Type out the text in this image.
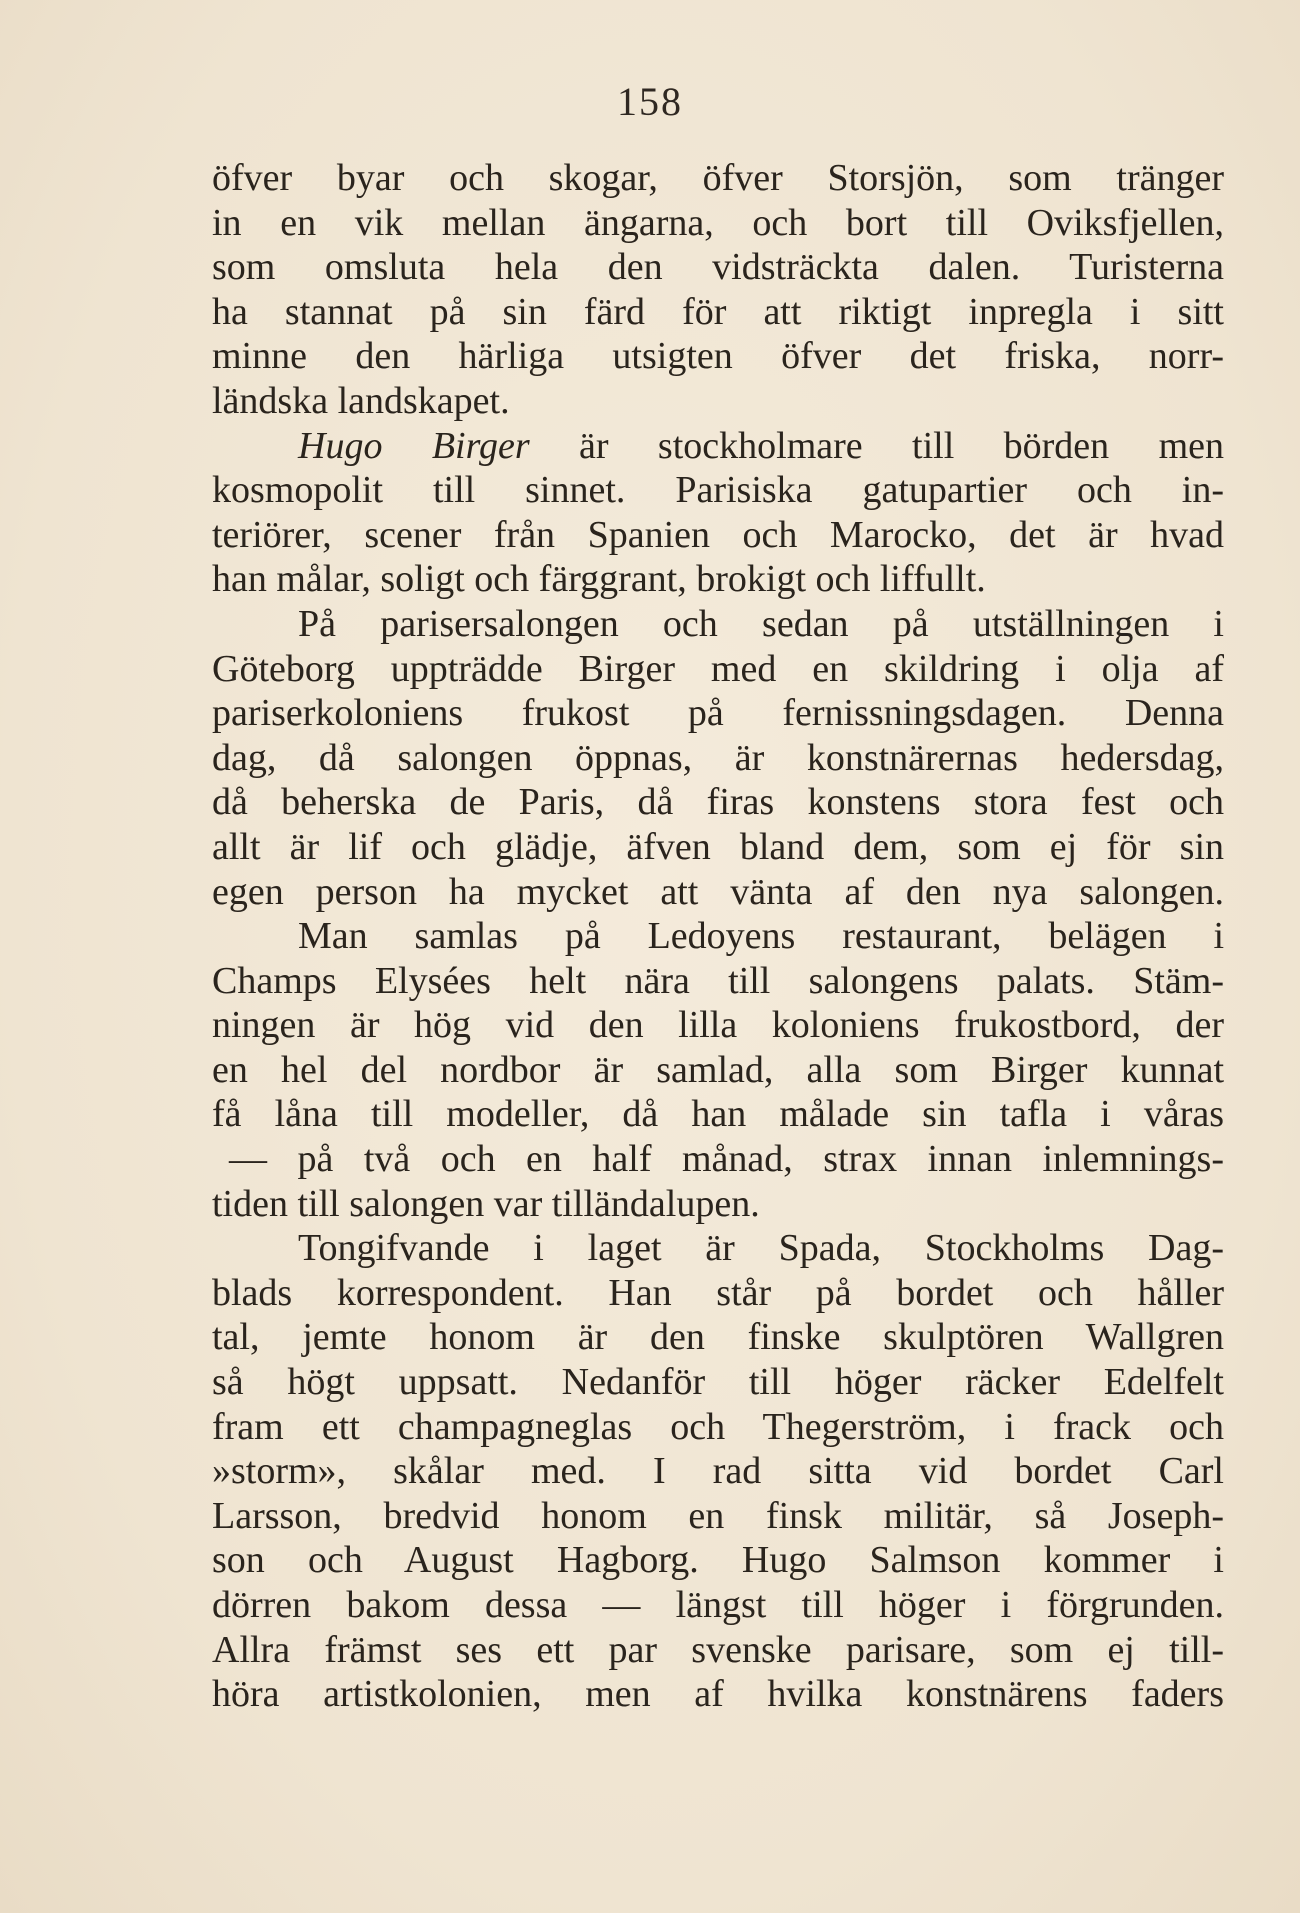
158
öfver byar och skogar, öfver Storsjön, som tränger
in en vik mellan ängarna, och bort till Oviksfjellen,
som omsluta hela den vidsträckta dalen. Turisterna
ha stannat på sin färd för att riktigt inpregla i sitt
minne den härliga utsigten öfver det friska, norr-
ländska landskapet.
Hugo Birger är stockholmare till börden men
kosmopolit till sinnet. Parisiska gatupartier och in-
teriörer, scener från Spanien och Marocko, det är hvad
han målar, soligt och färggrant, brokigt och liffullt.
På parisersalongen och sedan på utställningen i
Göteborg uppträdde Birger med en skildring i olja af
pariserkoloniens frukost på fernissningsdagen. Denna
dag, då salongen öppnas, är konstnärernas hedersdag,
då beherska de Paris, då firas konstens stora fest och
allt är lif och glädje, äfven bland dem, som ej för sin
egen person ha mycket att vänta af den nya salongen.
Man samlas på Ledoyens restaurant, belägen i
Champs Elysées helt nära till salongens palats. Stäm-
ningen är hög vid den lilla koloniens frukostbord, der
en hel del nordbor är samlad, alla som Birger kunnat
få låna till modeller, då han målade sin tafla i våras
— på två och en half månad, strax innan inlemnings-
tiden till salongen var tilländalupen.
Tongifvande i laget är Spada, Stockholms Dag-
blads korrespondent. Han står på bordet och håller
tal, jemte honom är den finske skulptören Wallgren
så högt uppsatt. Nedanför till höger räcker Edelfelt
fram ett champagneglas och Thegerström, i frack och
»storm», skålar med. I rad sitta vid bordet Carl
Larsson, bredvid honom en finsk militär, så Joseph-
son och August Hagborg. Hugo Salmson kommer i
dörren bakom dessa — längst till höger i förgrunden.
Allra främst ses ett par svenske parisare, som ej till-
höra artistkolonien, men af hvilka konstnärens faders
